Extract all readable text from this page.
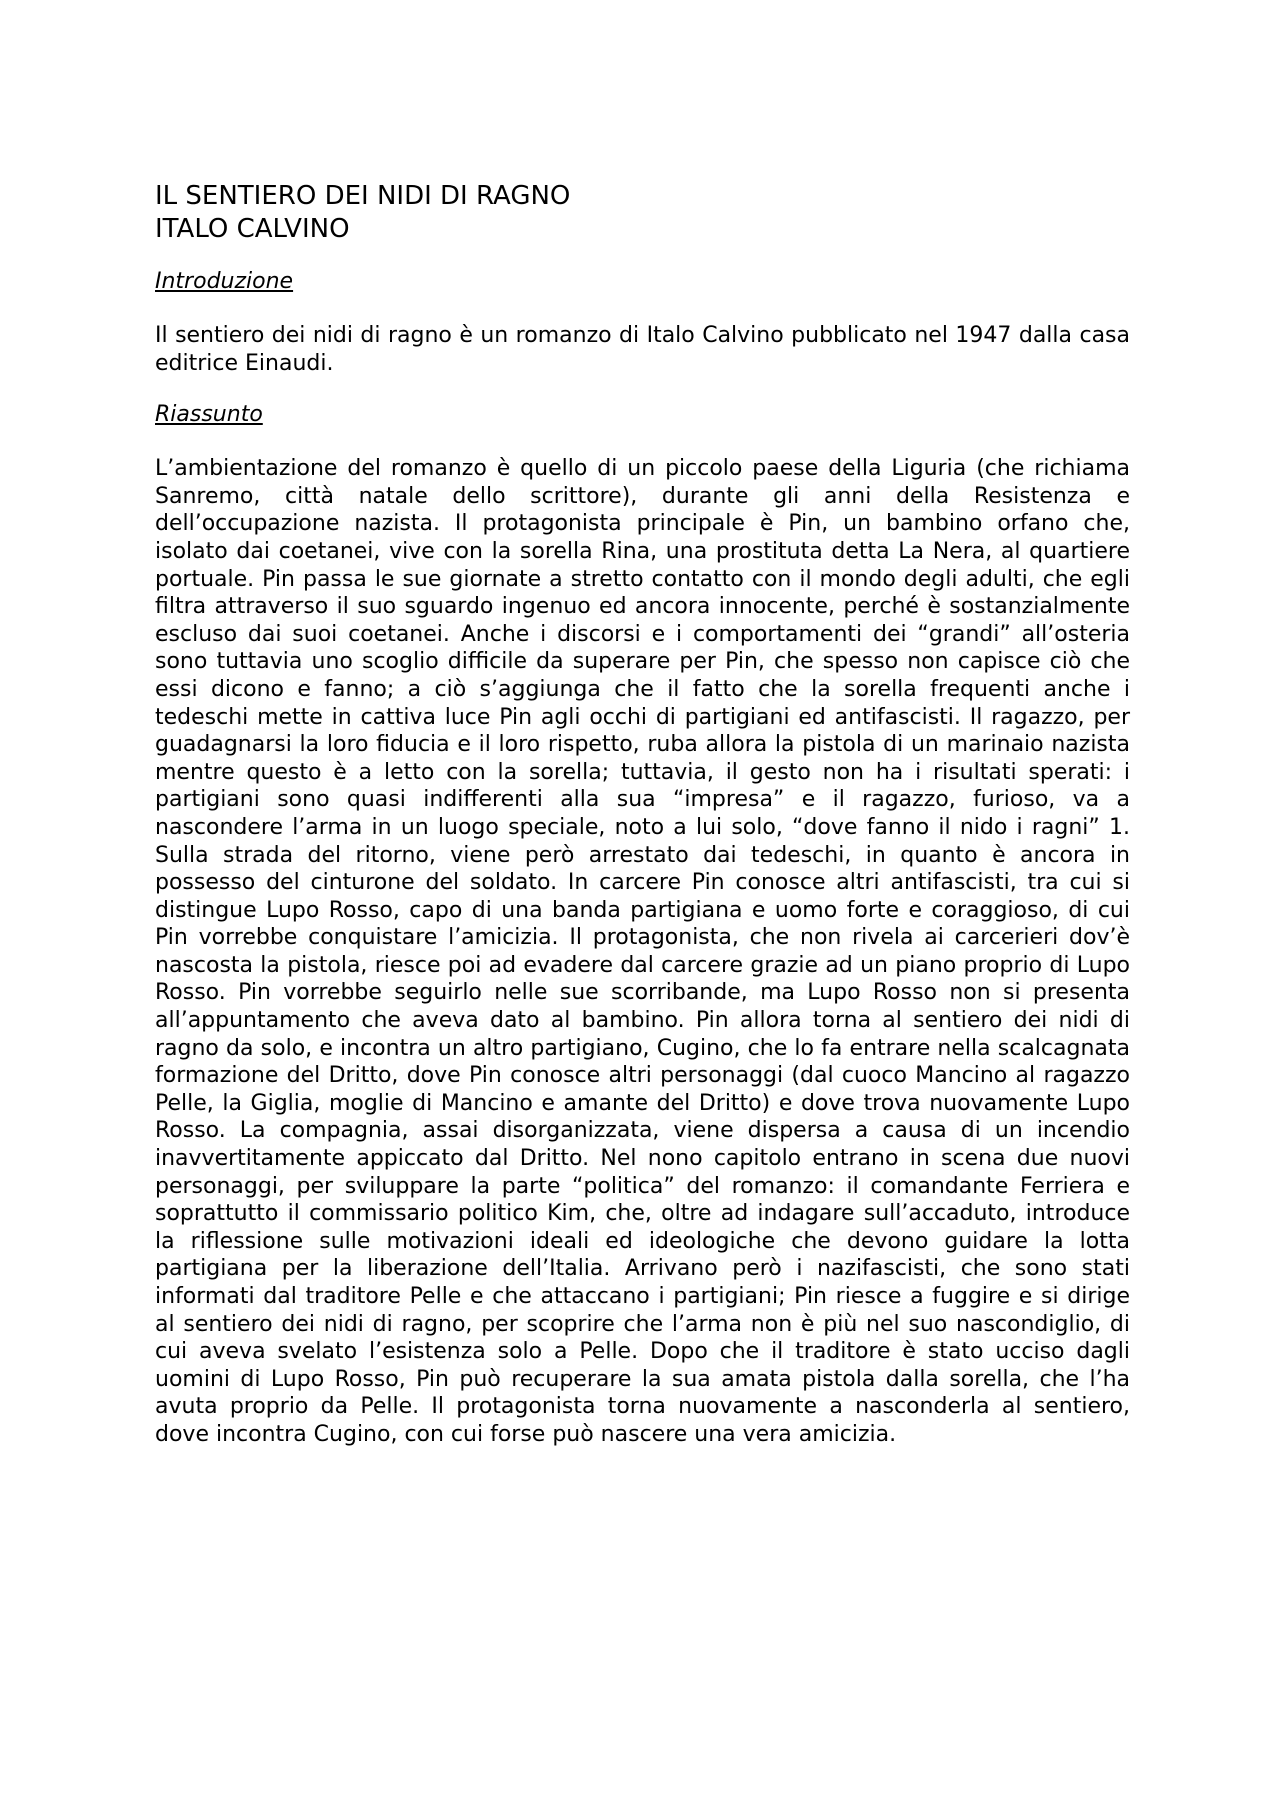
IL SENTIERO DEI NIDI DI RAGNO
ITALO CALVINO
Introduzione

Il sentiero dei nidi di ragno è un romanzo di Italo Calvino pubblicato nel 1947 dalla casa editrice Einaudi.

Riassunto

L’ambientazione del romanzo è quello di un piccolo paese della Liguria (che richiama Sanremo, città natale dello scrittore), durante gli anni della Resistenza e dell’occupazione nazista. Il protagonista principale è Pin, un bambino orfano che, isolato dai coetanei, vive con la sorella Rina, una prostituta detta La Nera, al quartiere portuale. Pin passa le sue giornate a stretto contatto con il mondo degli adulti, che egli filtra attraverso il suo sguardo ingenuo ed ancora innocente, perché è sostanzialmente escluso dai suoi coetanei. Anche i discorsi e i comportamenti dei “grandi” all’osteria sono tuttavia uno scoglio difficile da superare per Pin, che spesso non capisce ciò che essi dicono e fanno; a ciò s’aggiunga che il fatto che la sorella frequenti anche i tedeschi mette in cattiva luce Pin agli occhi di partigiani ed antifascisti. Il ragazzo, per guadagnarsi la loro fiducia e il loro rispetto, ruba allora la pistola di un marinaio nazista mentre questo è a letto con la sorella; tuttavia, il gesto non ha i risultati sperati: i partigiani sono quasi indifferenti alla sua “impresa” e il ragazzo, furioso, va a nascondere l’arma in un luogo speciale, noto a lui solo, “dove fanno il nido i ragni” 1. Sulla strada del ritorno, viene però arrestato dai tedeschi, in quanto è ancora in possesso del cinturone del soldato. In carcere Pin conosce altri antifascisti, tra cui si distingue Lupo Rosso, capo di una banda partigiana e uomo forte e coraggioso, di cui Pin vorrebbe conquistare l’amicizia. Il protagonista, che non rivela ai carcerieri dov’è nascosta la pistola, riesce poi ad evadere dal carcere grazie ad un piano proprio di Lupo Rosso. Pin vorrebbe seguirlo nelle sue scorribande, ma Lupo Rosso non si presenta all’appuntamento che aveva dato al bambino. Pin allora torna al sentiero dei nidi di ragno da solo, e incontra un altro partigiano, Cugino, che lo fa entrare nella scalcagnata formazione del Dritto, dove Pin conosce altri personaggi (dal cuoco Mancino al ragazzo Pelle, la Giglia, moglie di Mancino e amante del Dritto) e dove trova nuovamente Lupo Rosso. La compagnia, assai disorganizzata, viene dispersa a causa di un incendio inavvertitamente appiccato dal Dritto. Nel nono capitolo entrano in scena due nuovi personaggi, per sviluppare la parte “politica” del romanzo: il comandante Ferriera e soprattutto il commissario politico Kim, che, oltre ad indagare sull’accaduto, introduce la riflessione sulle motivazioni ideali ed ideologiche che devono guidare la lotta partigiana per la liberazione dell’Italia. Arrivano però i nazifascisti, che sono stati informati dal traditore Pelle e che attaccano i partigiani; Pin riesce a fuggire e si dirige al sentiero dei nidi di ragno, per scoprire che l’arma non è più nel suo nascondiglio, di cui aveva svelato l’esistenza solo a Pelle. Dopo che il traditore è stato ucciso dagli uomini di Lupo Rosso, Pin può recuperare la sua amata pistola dalla sorella, che l’ha avuta proprio da Pelle. Il protagonista torna nuovamente a nasconderla al sentiero, dove incontra Cugino, con cui forse può nascere una vera amicizia.
